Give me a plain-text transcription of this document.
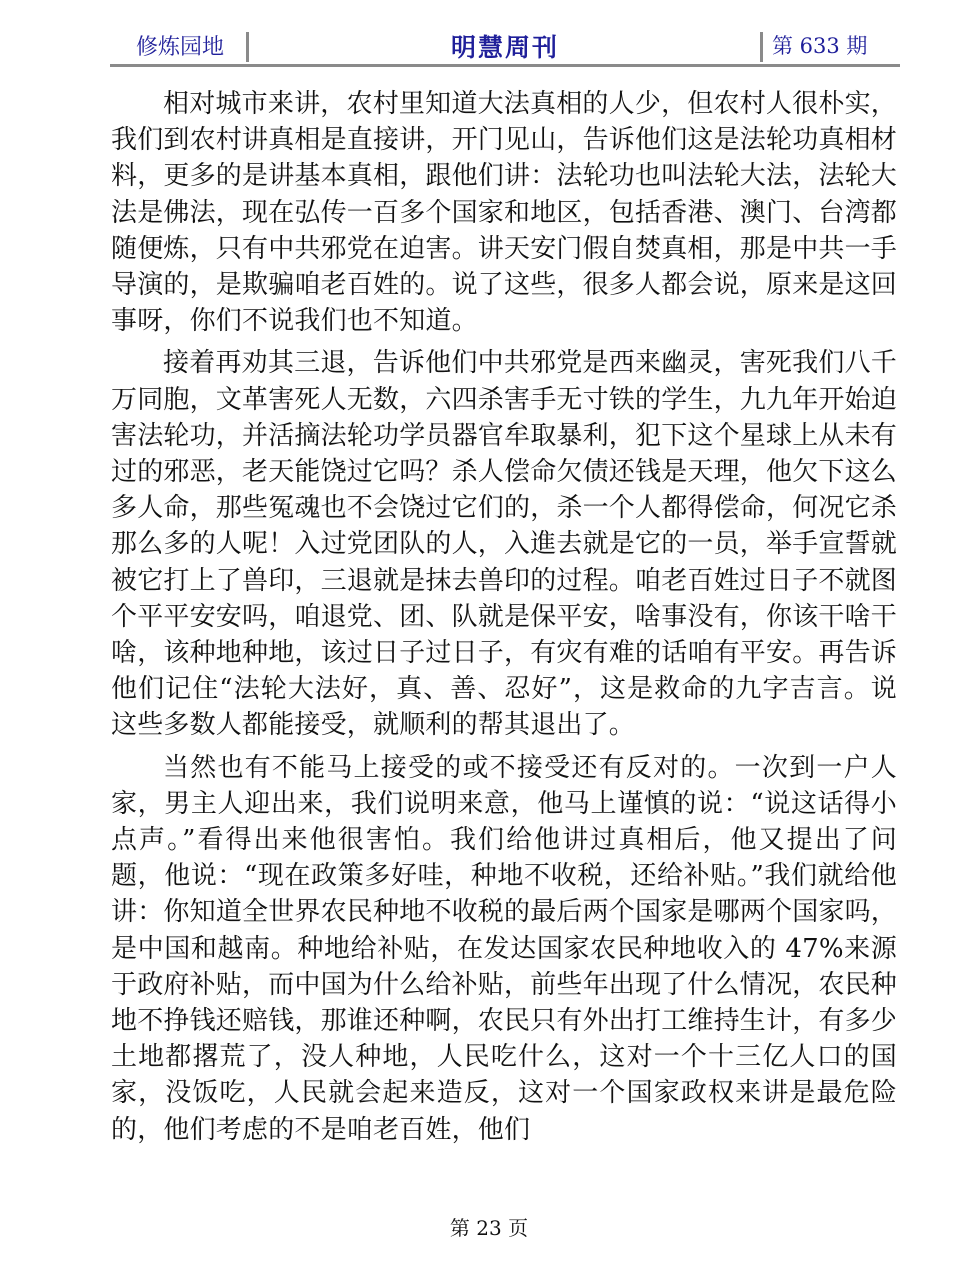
修炼园地	明慧周刊	第 633 期

相对城市来讲，农村里知道大法真相的人少，但农村人很朴实，我们到农村讲真相是直接讲，开门见山，告诉他们这是法轮功真相材料，更多的是讲基本真相，跟他们讲：法轮功也叫法轮大法，法轮大法是佛法，现在弘传一百多个国家和地区，包括香港、澳门、台湾都随便炼，只有中共邪党在迫害。讲天安门假自焚真相，那是中共一手导演的，是欺骗咱老百姓的。说了这些，很多人都会说，原来是这回事呀，你们不说我们也不知道。

接着再劝其三退，告诉他们中共邪党是西来幽灵，害死我们八千万同胞，文革害死人无数，六四杀害手无寸铁的学生，九九年开始迫害法轮功，并活摘法轮功学员器官牟取暴利，犯下这个星球上从未有过的邪恶，老天能饶过它吗？杀人偿命欠债还钱是天理，他欠下这么多人命，那些冤魂也不会饶过它们的，杀一个人都得偿命，何况它杀那么多的人呢！入过党团队的人，入進去就是它的一员，举手宣誓就被它打上了兽印，三退就是抹去兽印的过程。咱老百姓过日子不就图个平平安安吗，咱退党、团、队就是保平安，啥事没有，你该干啥干啥，该种地种地，该过日子过日子，有灾有难的话咱有平安。再告诉他们记住“法轮大法好，真、善、忍好”，这是救命的九字吉言。说这些多数人都能接受，就顺利的帮其退出了。

当然也有不能马上接受的或不接受还有反对的。一次到一户人家，男主人迎出来，我们说明来意，他马上谨慎的说：“说这话得小点声。”看得出来他很害怕。我们给他讲过真相后，他又提出了问题，他说：“现在政策多好哇，种地不收税，还给补贴。”我们就给他讲：你知道全世界农民种地不收税的最后两个国家是哪两个国家吗，是中国和越南。种地给补贴，在发达国家农民种地收入的 47%来源于政府补贴，而中国为什么给补贴，前些年出现了什么情况，农民种地不挣钱还赔钱，那谁还种啊，农民只有外出打工维持生计，有多少土地都撂荒了，没人种地，人民吃什么，这对一个十三亿人口的国家，没饭吃，人民就会起来造反，这对一个国家政权来讲是最危险的，他们考虑的不是咱老百姓，他们

第 23 页
